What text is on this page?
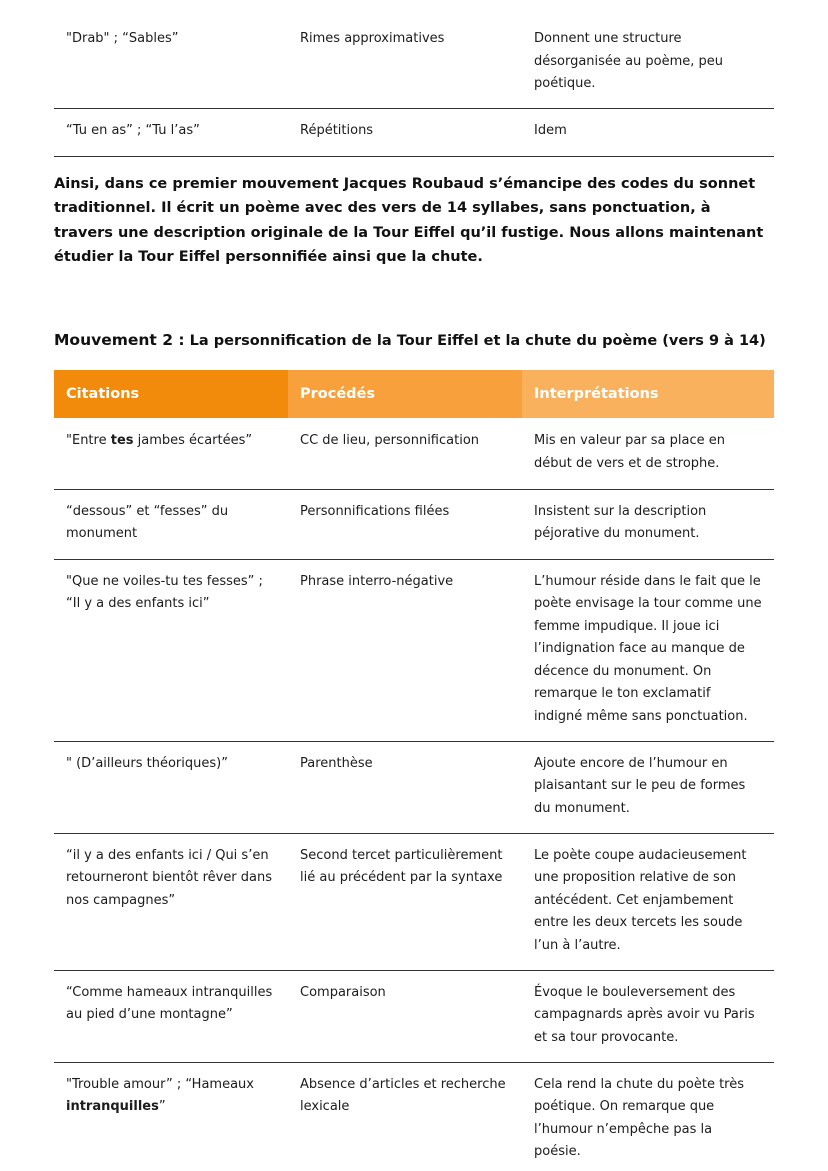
"Drab" ; “Sables”	Rimes approximatives	Donnent une structure désorganisée au poème, peu poétique.
“Tu en as” ; “Tu l’as”	Répétitions	Idem

Ainsi, dans ce premier mouvement Jacques Roubaud s’émancipe des codes du sonnet traditionnel. Il écrit un poème avec des vers de 14 syllabes, sans ponctuation, à travers une description originale de la Tour Eiffel qu’il fustige. Nous allons maintenant étudier la Tour Eiffel personnifiée ainsi que la chute.

Mouvement 2 : La personnification de la Tour Eiffel et la chute du poème (vers 9 à 14)
Citations	Procédés	Interprétations
"Entre tes jambes écartées”	CC de lieu, personnification	Mis en valeur par sa place en début de vers et de strophe.
“dessous” et “fesses” du monument	Personnifications filées	Insistent sur la description péjorative du monument.
"Que ne voiles-tu tes fesses” ; “Il y a des enfants ici”	Phrase interro-négative	L’humour réside dans le fait que le poète envisage la tour comme une femme impudique. Il joue ici l’indignation face au manque de décence du monument. On remarque le ton exclamatif indigné même sans ponctuation.
" (D’ailleurs théoriques)”	Parenthèse	Ajoute encore de l’humour en plaisantant sur le peu de formes du monument.
“il y a des enfants ici / Qui s’en retourneront bientôt rêver dans nos campagnes”	Second tercet particulièrement lié au précédent par la syntaxe	Le poète coupe audacieusement une proposition relative de son antécédent. Cet enjambement entre les deux tercets les soude l’un à l’autre.
“Comme hameaux intranquilles au pied d’une montagne”	Comparaison	Évoque le bouleversement des campagnards après avoir vu Paris et sa tour provocante.
"Trouble amour” ; “Hameaux intranquilles”	Absence d’articles et recherche lexicale	Cela rend la chute du poète très poétique. On remarque que l’humour n’empêche pas la poésie.
